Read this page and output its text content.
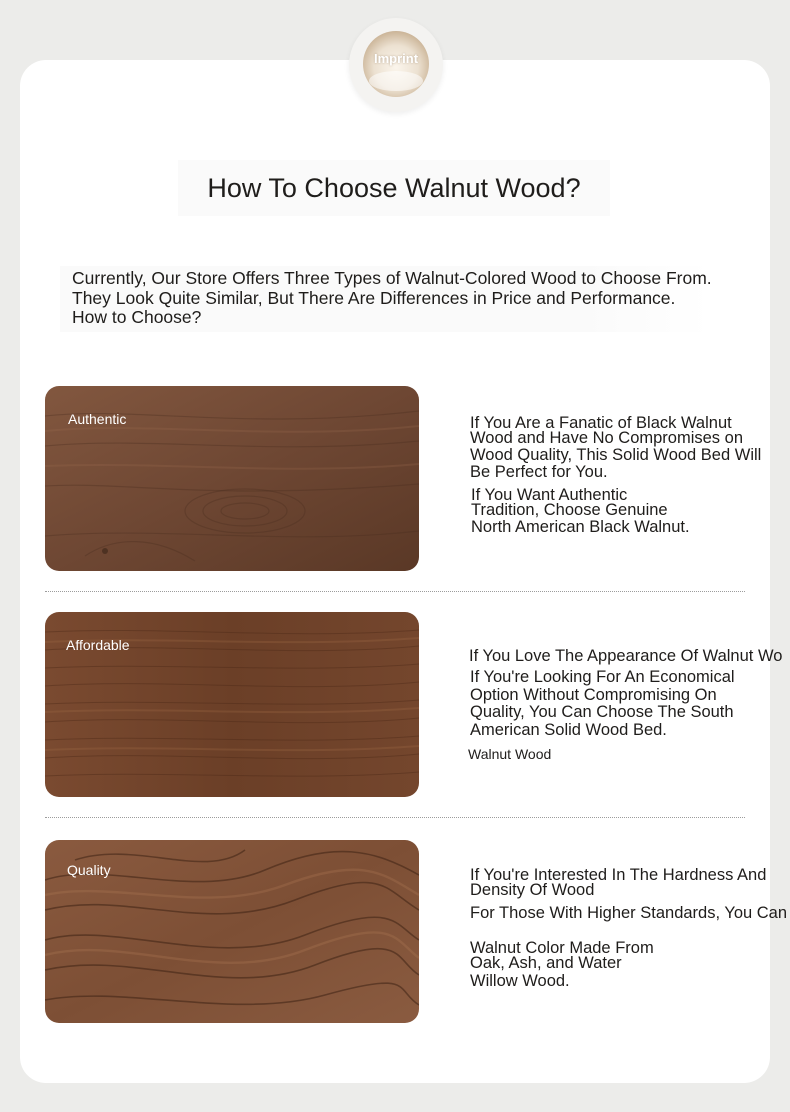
Imprint
How To Choose Walnut Wood?

Currently, Our Store Offers Three Types of Walnut-Colored Wood to Choose From. They Look Quite Similar, But There Are Differences in Price and Performance. How to Choose?

Authentic	If You Are a Fanatic of Black Walnut
Wood and Have No Compromises on
Wood Quality, This Solid Wood Bed Will
Be Perfect for You.
If You Want Authentic
Tradition, Choose Genuine
North American Black Walnut.
Affordable
If You Love The Appearance Of Walnut Wo
If You're Looking For An Economical
Option Without Compromising On
Quality, You Can Choose The South
American Solid Wood Bed.
Walnut Wood
Quality	If You're Interested In The Hardness And
Density Of Wood
For Those With Higher Standards, You Can
Walnut Color Made From
Oak, Ash, and Water
Willow Wood.
